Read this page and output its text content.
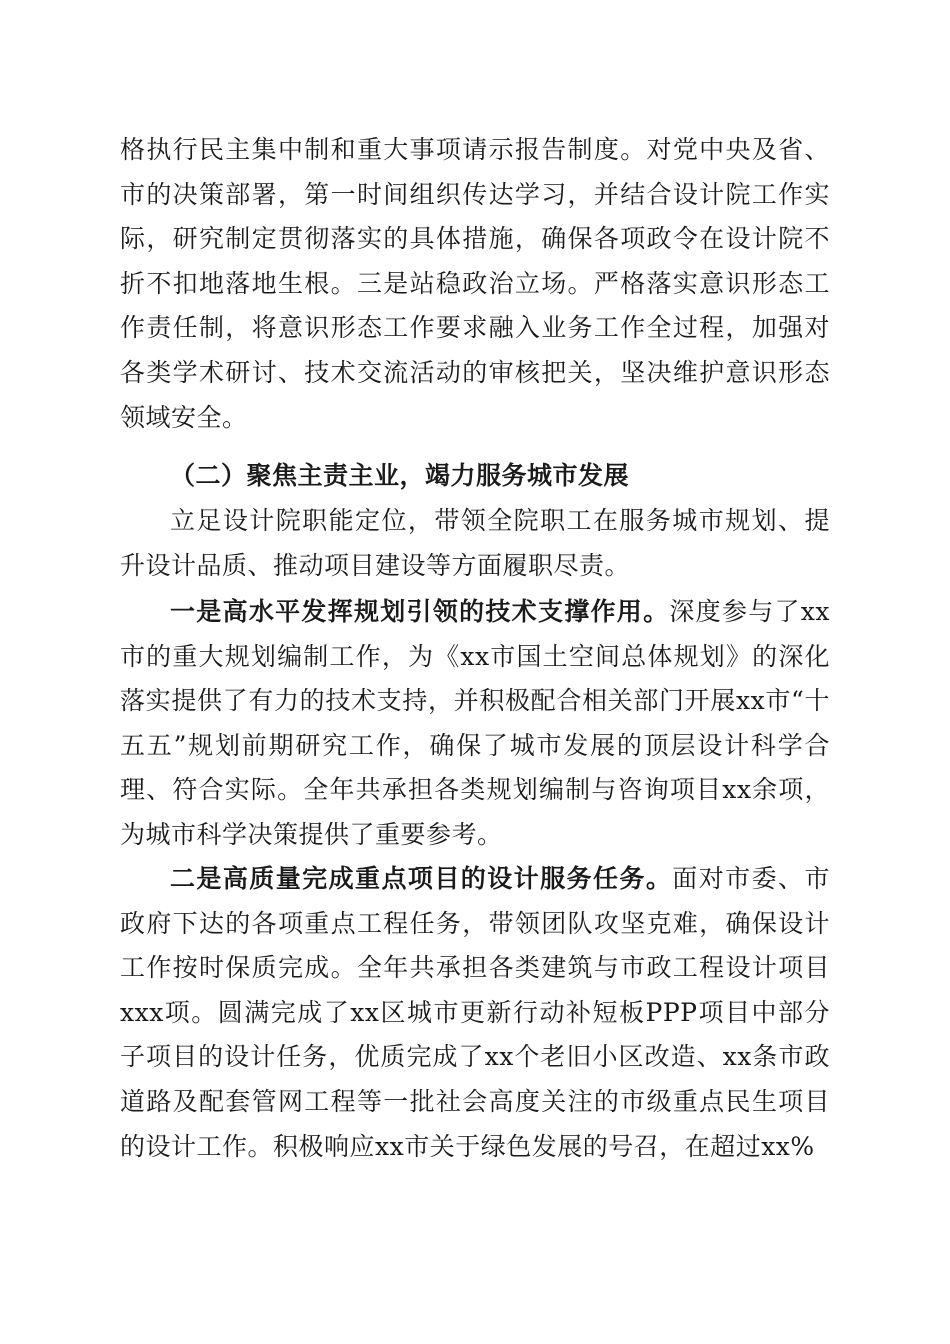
格执行民主集中制和重大事项请示报告制度。对党中央及省、市的决策部署，第一时间组织传达学习，并结合设计院工作实际，研究制定贯彻落实的具体措施，确保各项政令在设计院不折不扣地落地生根。三是站稳政治立场。严格落实意识形态工作责任制，将意识形态工作要求融入业务工作全过程，加强对各类学术研讨、技术交流活动的审核把关，坚决维护意识形态领域安全。

（二）聚焦主责主业，竭力服务城市发展

立足设计院职能定位，带领全院职工在服务城市规划、提升设计品质、推动项目建设等方面履职尽责。

一是高水平发挥规划引领的技术支撑作用。深度参与了xx市的重大规划编制工作，为《xx市国土空间总体规划》的深化落实提供了有力的技术支持，并积极配合相关部门开展xx市“十五五”规划前期研究工作，确保了城市发展的顶层设计科学合理、符合实际。全年共承担各类规划编制与咨询项目xx余项，为城市科学决策提供了重要参考。

二是高质量完成重点项目的设计服务任务。面对市委、市政府下达的各项重点工程任务，带领团队攻坚克难，确保设计工作按时保质完成。全年共承担各类建筑与市政工程设计项目xxx项。圆满完成了xx区城市更新行动补短板PPP项目中部分子项目的设计任务，优质完成了xx个老旧小区改造、xx条市政道路及配套管网工程等一批社会高度关注的市级重点民生项目的设计工作。积极响应xx市关于绿色发展的号召，在超过xx%
